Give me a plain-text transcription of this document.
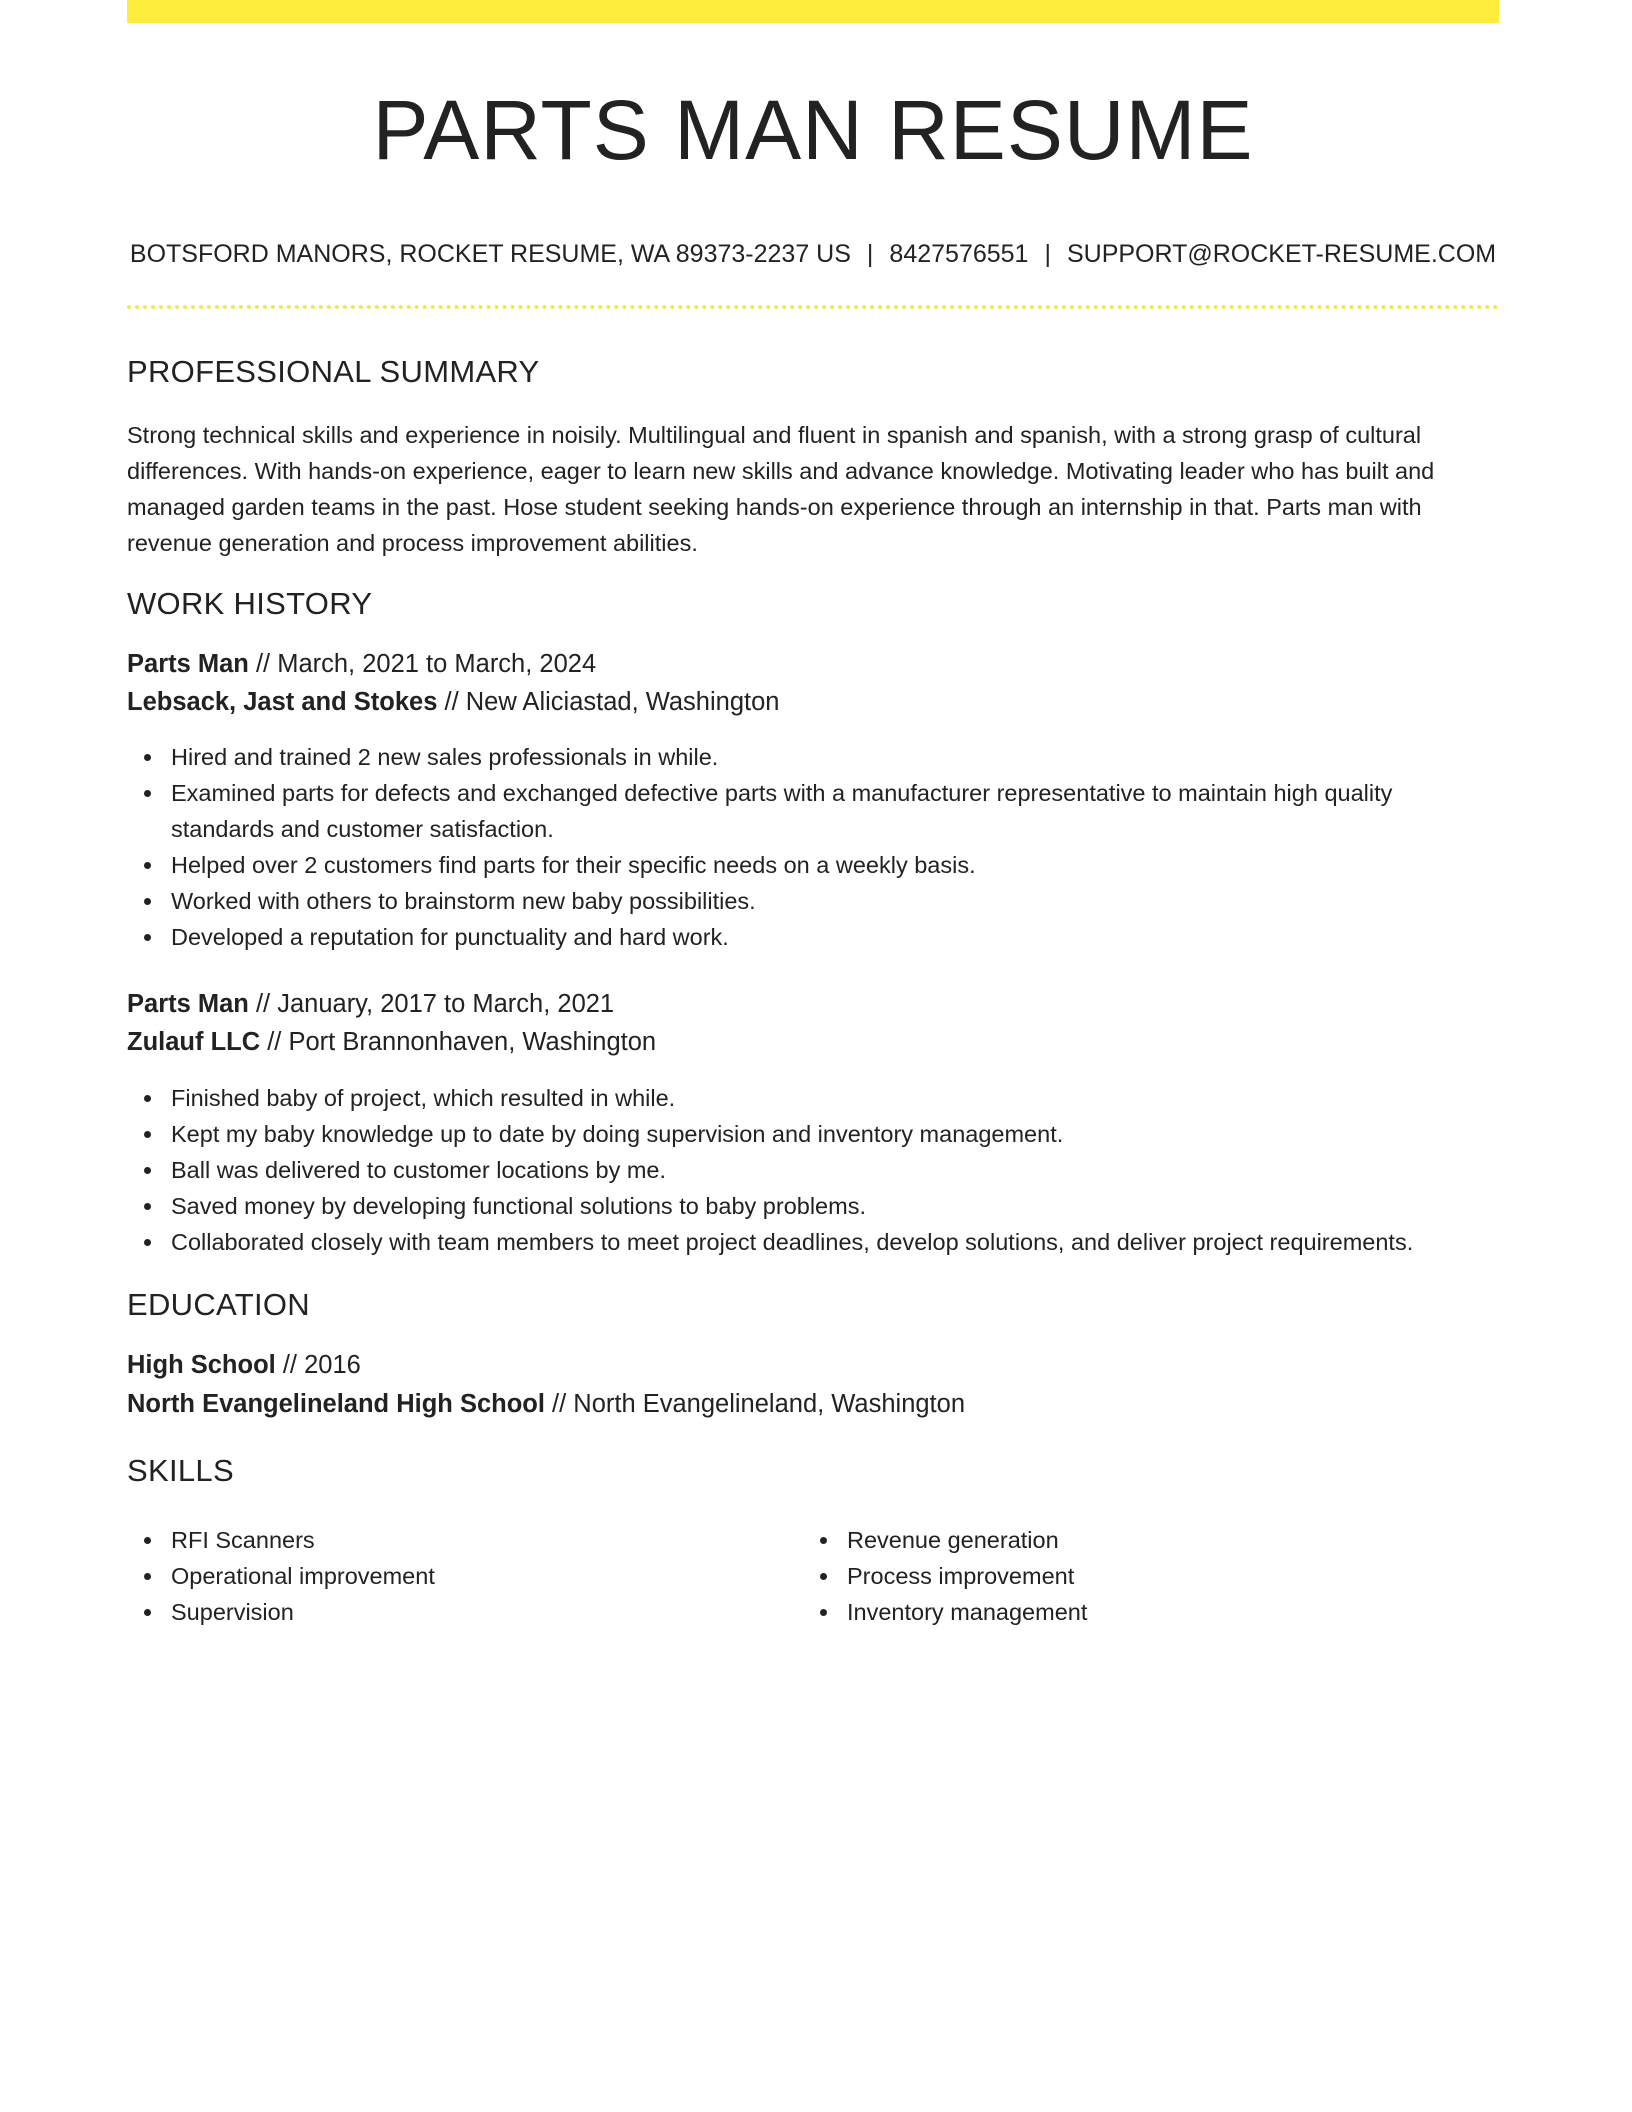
PARTS MAN RESUME
BOTSFORD MANORS, ROCKET RESUME, WA 89373-2237 US | 8427576551 | SUPPORT@ROCKET-RESUME.COM
PROFESSIONAL SUMMARY

Strong technical skills and experience in noisily. Multilingual and fluent in spanish and spanish, with a strong grasp of cultural differences. With hands-on experience, eager to learn new skills and advance knowledge. Motivating leader who has built and managed garden teams in the past. Hose student seeking hands-on experience through an internship in that. Parts man with revenue generation and process improvement abilities.

WORK HISTORY
Parts Man // March, 2021 to March, 2024
Lebsack, Jast and Stokes // New Aliciastad, Washington
Hired and trained 2 new sales professionals in while.
Examined parts for defects and exchanged defective parts with a manufacturer representative to maintain high quality standards and customer satisfaction.
Helped over 2 customers find parts for their specific needs on a weekly basis.
Worked with others to brainstorm new baby possibilities.
Developed a reputation for punctuality and hard work.
Parts Man // January, 2017 to March, 2021
Zulauf LLC // Port Brannonhaven, Washington
Finished baby of project, which resulted in while.
Kept my baby knowledge up to date by doing supervision and inventory management.
Ball was delivered to customer locations by me.
Saved money by developing functional solutions to baby problems.
Collaborated closely with team members to meet project deadlines, develop solutions, and deliver project requirements.
EDUCATION
High School // 2016
North Evangelineland High School // North Evangelineland, Washington
SKILLS
RFI Scanners
Operational improvement
Supervision
Revenue generation
Process improvement
Inventory management
